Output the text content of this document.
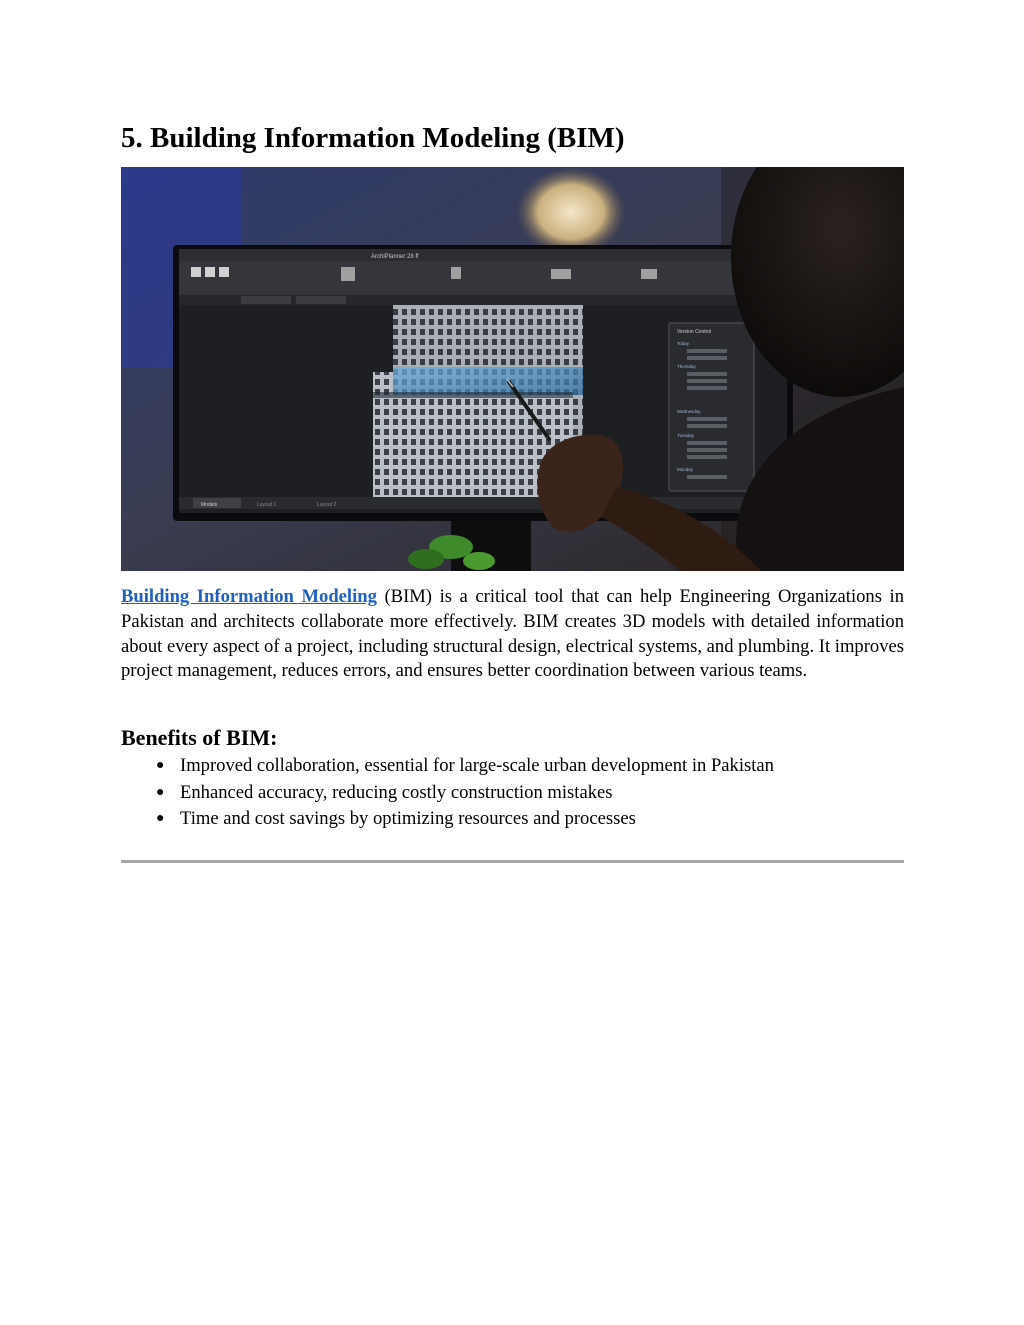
5. Building Information Modeling (BIM)
ArchiPlanner 28 ff
Version Control
Today
Thursday
Wednesday
Tuesday
Monday
Models	Layout 1	Layout 2

Building Information Modeling (BIM) is a critical tool that can help Engineering Organizations in Pakistan and architects collaborate more effectively. BIM creates 3D models with detailed information about every aspect of a project, including structural design, electrical systems, and plumbing. It improves project management, reduces errors, and ensures better coordination between various teams.

Benefits of BIM:
● Improved collaboration, essential for large-scale urban development in Pakistan
● Enhanced accuracy, reducing costly construction mistakes
● Time and cost savings by optimizing resources and processes
